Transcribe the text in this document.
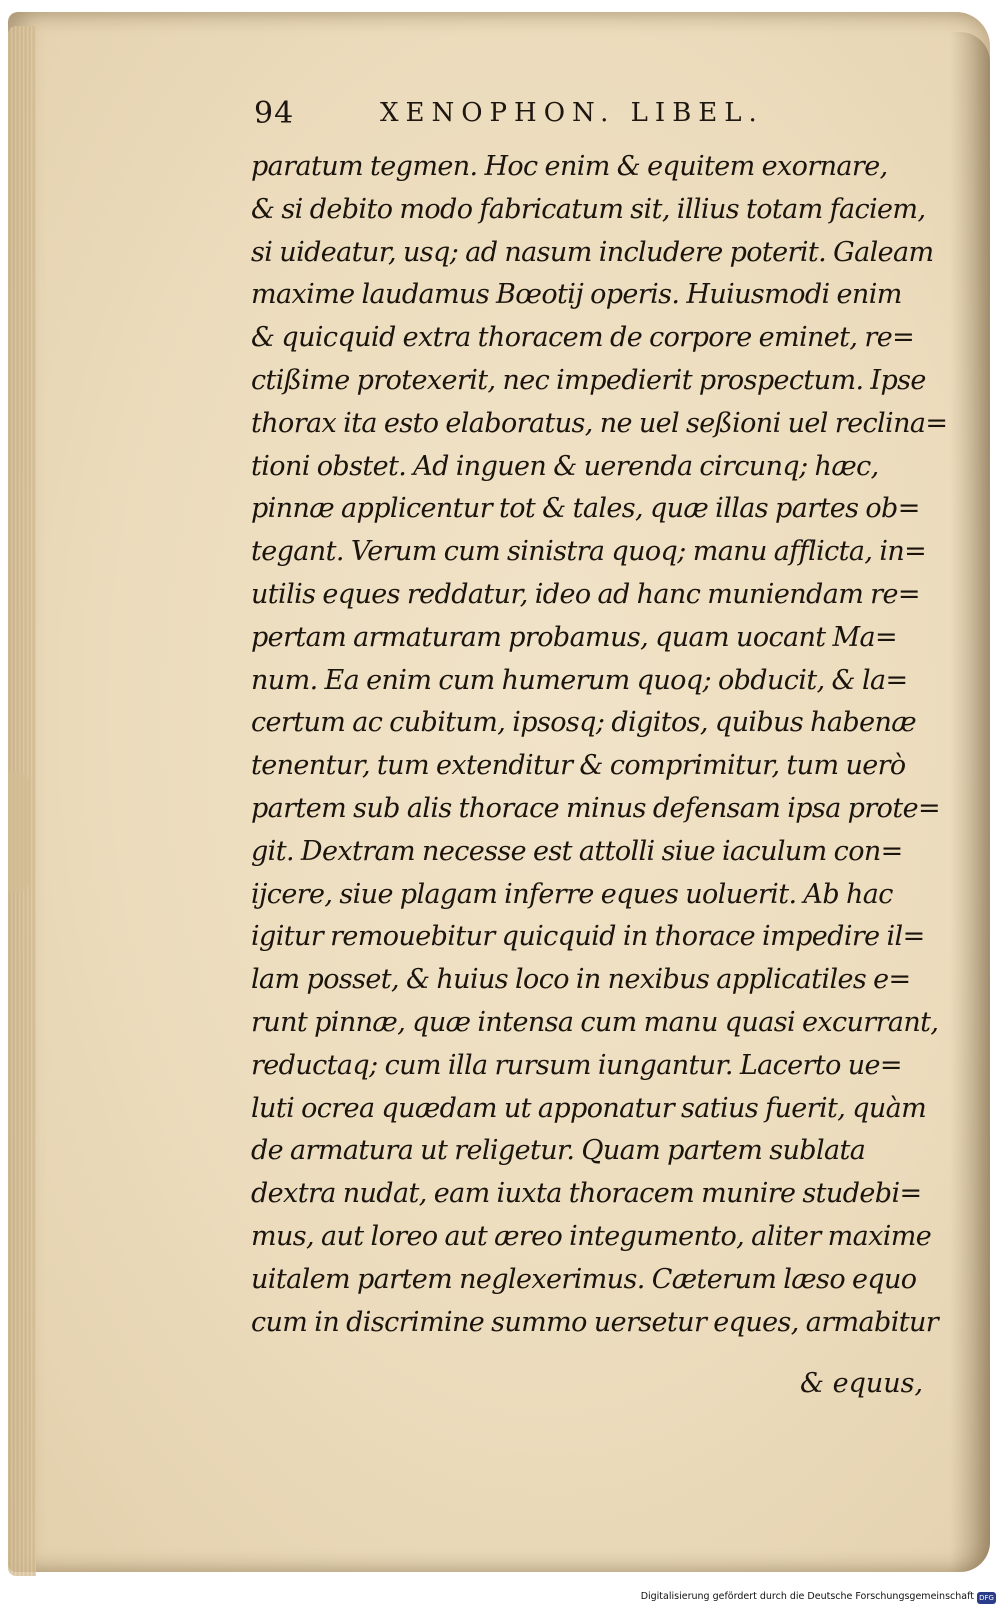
94	XENOPHON. LIBEL.
paratum tegmen. Hoc enim & equitem exornare,
& si debito modo fabricatum sit, illius totam faciem,
si uideatur, usq; ad nasum includere poterit. Galeam
maxime laudamus Bœotij operis. Huiusmodi enim
& quicquid extra thoracem de corpore eminet, re=
ctißime protexerit, nec impedierit prospectum. Ipse
thorax ita esto elaboratus, ne uel seßioni uel reclina=
tioni obstet. Ad inguen & uerenda circunq; hæc,
pinnæ applicentur tot & tales, quæ illas partes ob=
tegant. Verum cum sinistra quoq; manu afflicta, in=
utilis eques reddatur, ideo ad hanc muniendam re=
pertam armaturam probamus, quam uocant Ma=
num. Ea enim cum humerum quoq; obducit, & la=
certum ac cubitum, ipsosq; digitos, quibus habenæ
tenentur, tum extenditur & comprimitur, tum uerò
partem sub alis thorace minus defensam ipsa prote=
git. Dextram necesse est attolli siue iaculum con=
ijcere, siue plagam inferre eques uoluerit. Ab hac
igitur remouebitur quicquid in thorace impedire il=
lam posset, & huius loco in nexibus applicatiles e=
runt pinnæ, quæ intensa cum manu quasi excurrant,
reductaq; cum illa rursum iungantur. Lacerto ue=
luti ocrea quædam ut apponatur satius fuerit, quàm
de armatura ut religetur. Quam partem sublata
dextra nudat, eam iuxta thoracem munire studebi=
mus, aut loreo aut æreo integumento, aliter maxime
uitalem partem neglexerimus. Cæterum læso equo
cum in discrimine summo uersetur eques, armabitur
& equus,
Digitalisierung gefördert durch die Deutsche Forschungsgemeinschaft DFG
